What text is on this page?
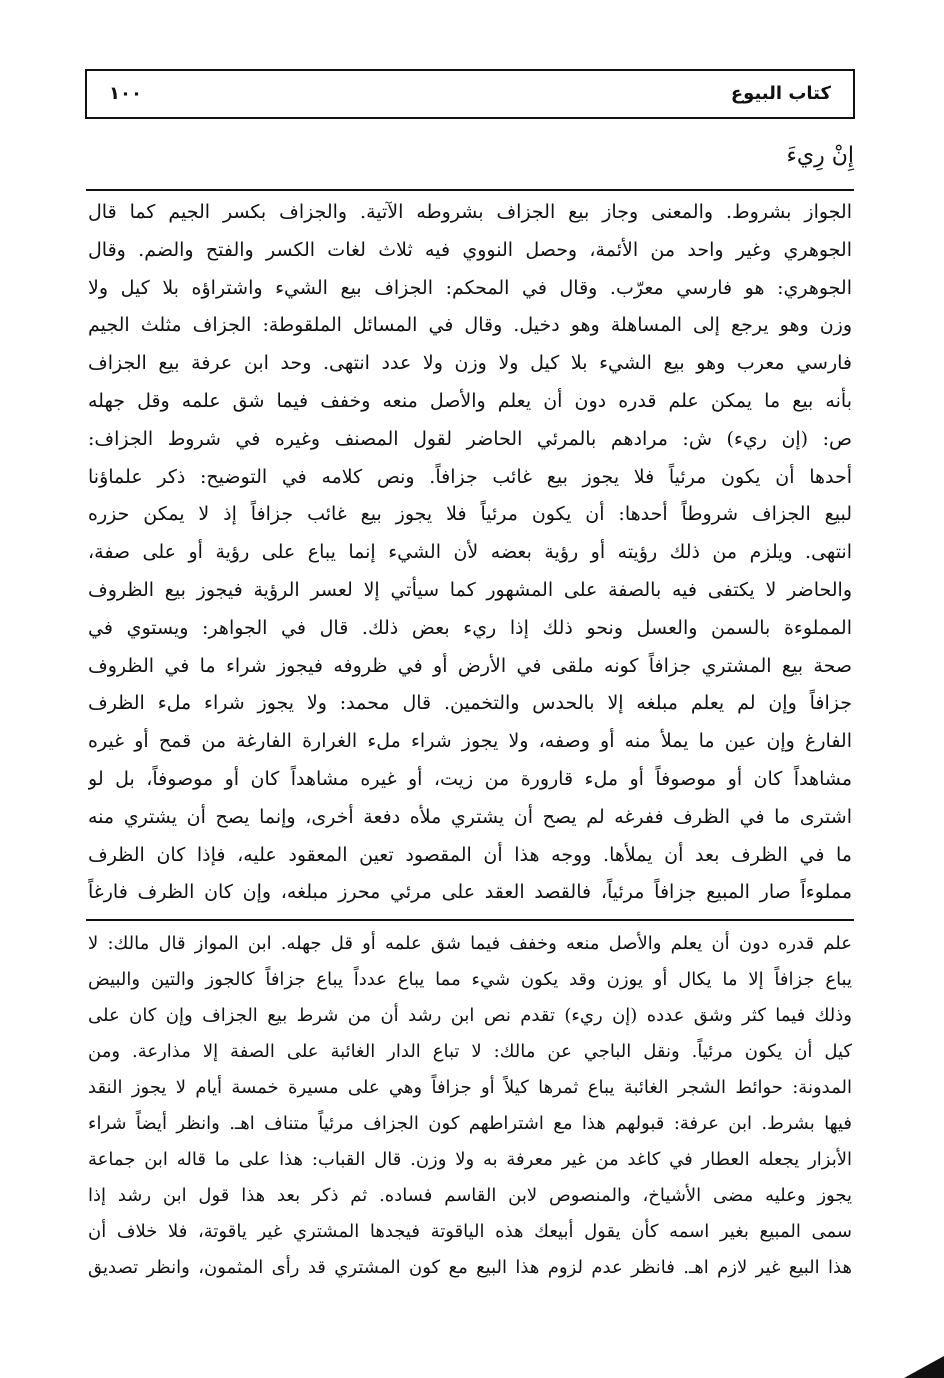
كتاب البيوع
١٠٠
إِنْ رِيءَ
الجواز بشروط. والمعنى وجاز بيع الجزاف بشروطه الآتية. والجزاف بكسر الجيم كما قال
الجوهري وغير واحد من الأئمة، وحصل النووي فيه ثلاث لغات الكسر والفتح والضم. وقال
الجوهري: هو فارسي معرّب. وقال في المحكم: الجزاف بيع الشيء واشتراؤه بلا كيل ولا
وزن وهو يرجع إلى المساهلة وهو دخيل. وقال في المسائل الملقوطة: الجزاف مثلث الجيم
فارسي معرب وهو بيع الشيء بلا كيل ولا وزن ولا عدد انتهى. وحد ابن عرفة بيع الجزاف
بأنه بيع ما يمكن علم قدره دون أن يعلم والأصل منعه وخفف فيما شق علمه وقل جهله
ص: (إن ريء) ش: مرادهم بالمرئي الحاضر لقول المصنف وغيره في شروط الجزاف:
أحدها أن يكون مرئياً فلا يجوز بيع غائب جزافاً. ونص كلامه في التوضيح: ذكر علماؤنا
لبيع الجزاف شروطاً أحدها: أن يكون مرئياً فلا يجوز بيع غائب جزافاً إذ لا يمكن حزره
انتهى. ويلزم من ذلك رؤيته أو رؤية بعضه لأن الشيء إنما يباع على رؤية أو على صفة،
والحاضر لا يكتفى فيه بالصفة على المشهور كما سيأتي إلا لعسر الرؤية فيجوز بيع الظروف
المملوءة بالسمن والعسل ونحو ذلك إذا ريء بعض ذلك. قال في الجواهر: ويستوي في
صحة بيع المشتري جزافاً كونه ملقى في الأرض أو في ظروفه فيجوز شراء ما في الظروف
جزافاً وإن لم يعلم مبلغه إلا بالحدس والتخمين. قال محمد: ولا يجوز شراء ملء الظرف
الفارغ وإن عين ما يملأ منه أو وصفه، ولا يجوز شراء ملء الغرارة الفارغة من قمح أو غيره
مشاهداً كان أو موصوفاً أو ملء قارورة من زيت، أو غيره مشاهداً كان أو موصوفاً، بل لو
اشترى ما في الظرف ففرغه لم يصح أن يشتري ملأه دفعة أخرى، وإنما يصح أن يشتري منه
ما في الظرف بعد أن يملأها. ووجه هذا أن المقصود تعين المعقود عليه، فإذا كان الظرف
مملوءاً صار المبيع جزافاً مرئياً، فالقصد العقد على مرئي محرز مبلغه، وإن كان الظرف فارغاً
علم قدره دون أن يعلم والأصل منعه وخفف فيما شق علمه أو قل جهله. ابن المواز قال مالك: لا
يباع جزافاً إلا ما يكال أو يوزن وقد يكون شيء مما يباع عدداً يباع جزافاً كالجوز والتين والبيض
وذلك فيما كثر وشق عدده (إن ريء) تقدم نص ابن رشد أن من شرط بيع الجزاف وإن كان على
كيل أن يكون مرئياً. ونقل الباجي عن مالك: لا تباع الدار الغائبة على الصفة إلا مذارعة. ومن
المدونة: حوائط الشجر الغائبة يباع ثمرها كيلاً أو جزافاً وهي على مسيرة خمسة أيام لا يجوز النقد
فيها بشرط. ابن عرفة: قبولهم هذا مع اشتراطهم كون الجزاف مرئياً متناف اهـ. وانظر أيضاً شراء
الأبزار يجعله العطار في كاغد من غير معرفة به ولا وزن. قال القباب: هذا على ما قاله ابن جماعة
يجوز وعليه مضى الأشياخ، والمنصوص لابن القاسم فساده. ثم ذكر بعد هذا قول ابن رشد إذا
سمى المبيع بغير اسمه كأن يقول أبيعك هذه الياقوتة فيجدها المشتري غير ياقوتة، فلا خلاف أن
هذا البيع غير لازم اهـ. فانظر عدم لزوم هذا البيع مع كون المشتري قد رأى المثمون، وانظر تصديق
